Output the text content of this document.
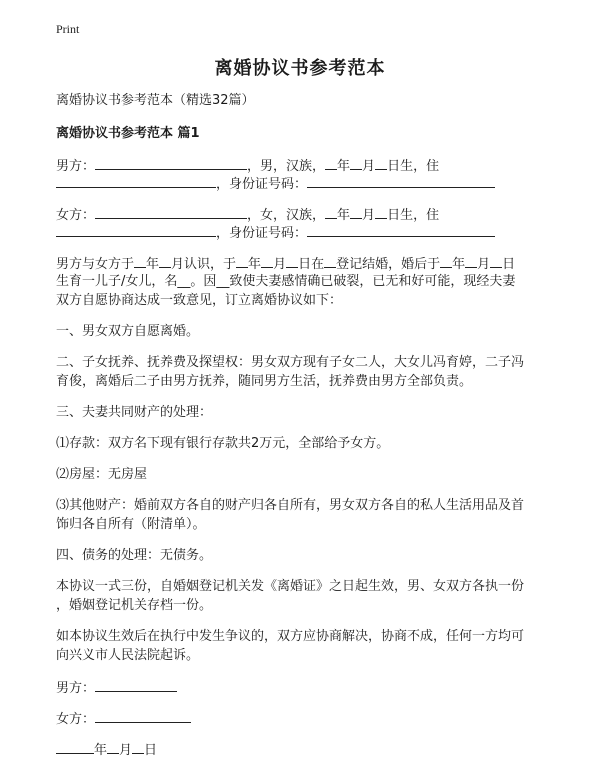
Print
离婚协议书参考范本
离婚协议书参考范本（精选32篇）
离婚协议书参考范本 篇1
男方：	，男，汉族， 年 月 日生，住
，身份证号码：
女方：	，女，汉族， 年 月 日生，住
，身份证号码：
男方与女方于 年 月认识，于 年 月 日在 登记结婚，婚后于 年 月 日
生育一儿子/女儿，名__。因__致使夫妻感情确已破裂，已无和好可能，现经夫妻
双方自愿协商达成一致意见，订立离婚协议如下：
一、男女双方自愿离婚。
二、子女抚养、抚养费及探望权：男女双方现有子女二人，大女儿冯育婷，二子冯
育俊，离婚后二子由男方抚养，随同男方生活，抚养费由男方全部负责。
三、夫妻共同财产的处理：
⑴存款：双方名下现有银行存款共2万元，全部给予女方。
⑵房屋：无房屋
⑶其他财产：婚前双方各自的财产归各自所有，男女双方各自的私人生活用品及首
饰归各自所有（附清单）。
四、债务的处理：无债务。
本协议一式三份，自婚姻登记机关发《离婚证》之日起生效，男、女双方各执一份
，婚姻登记机关存档一份。
如本协议生效后在执行中发生争议的，双方应协商解决，协商不成，任何一方均可
向兴义市人民法院起诉。
男方：
女方：
年 月 日
